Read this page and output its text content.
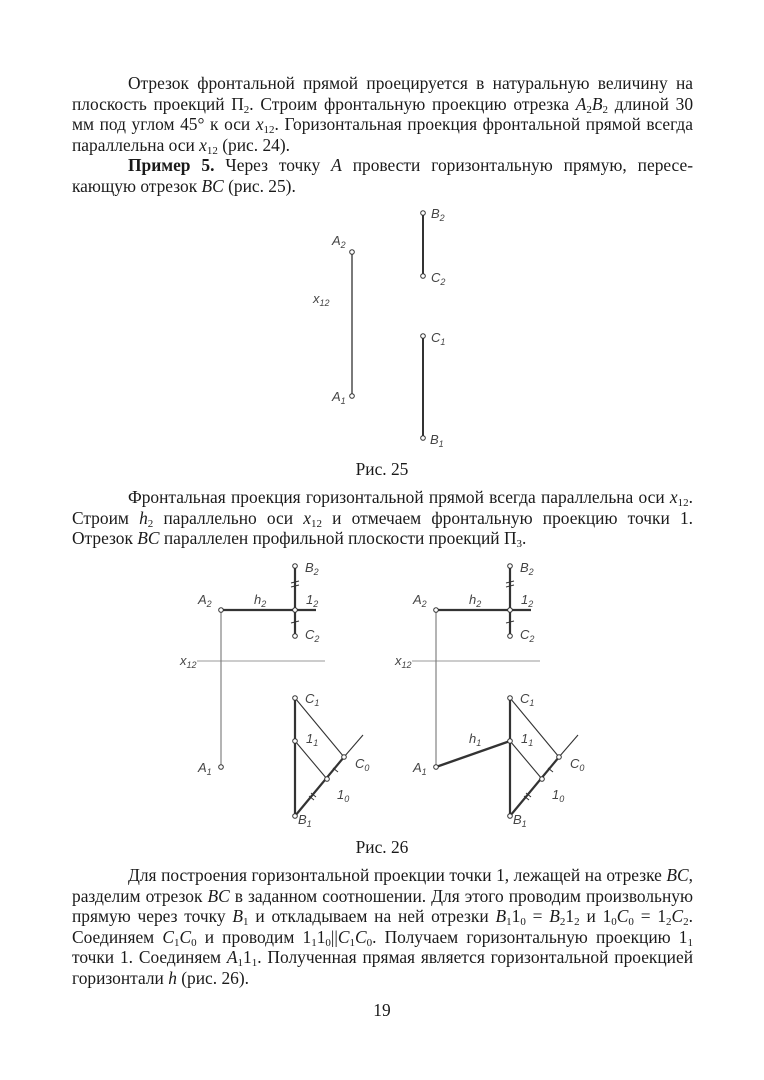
Отрезок фронтальной прямой проецируется в натуральную величину на плоскость проекций $П_2$. Строим фронтальную проекцию отрезка $A_2B_2$ длиной 30 мм под углом 45° к оси $x_{12}$. Горизонтальная проекция фронтальной прямой всегда параллельна оси $x_{12}$ (рис. 24).
Пример 5. Через точку A провести горизонтальную прямую, пересекающую отрезок BC (рис. 25).
Рис. 25
Фронтальная проекция горизонтальной прямой всегда параллельна оси $x_{12}$. Строим $h_2$ параллельно оси $x_{12}$ и отмечаем фронтальную проекцию точки 1. Отрезок BC параллелен профильной плоскости проекций $П_3$.
Рис. 26
Для построения горизонтальной проекции точки 1, лежащей на отрезке BC, разделим отрезок BC в заданном соотношении. Для этого проводим произвольную прямую через точку $B_1$ и откладываем на ней отрезки $B_11_0 = B_21_2$ и $1_0C_0 = 1_2C_2$. Соединяем $C_1C_0$ и проводим $1_11_0||C_1C_0$. Получаем горизонтальную проекцию $1_1$ точки 1. Соединяем $A_11_1$. Полученная прямая является горизонтальной проекцией горизонтали h (рис. 26).
19
$A_2$
$B_2$
$C_2$
$x_{12}$
$C_1$
$A_1$
$B_1$
$B_2$
$A_2$	$h_2$	$1_2$
$C_2$
$x_{12}$
$C_1$
$1_1$
$C_0$
$A_1$
$1_0$
$B_1$
$B_2$
$A_2$	$h_2$	$1_2$
$C_2$
$x_{12}$
$C_1$
$h_1$	$1_1$
$C_0$
$A_1$
$1_0$
$B_1$
